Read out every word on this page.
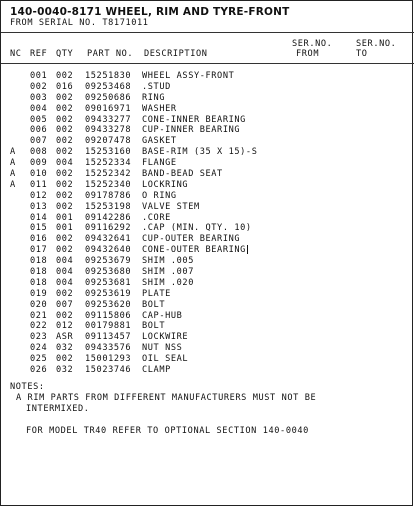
140-0040-8171 WHEEL, RIM AND TYRE-FRONT
FROM SERIAL NO. T8171011
SER.NO.	SER.NO.
NC REF QTY PART NO. DESCRIPTION	FROM	TO
001 002 15251830 WHEEL ASSY-FRONT
002 016 09253468 .STUD
003 002 09250686 RING
004 002 09016971 WASHER
005 002 09433277 CONE-INNER BEARING
006 002 09433278 CUP-INNER BEARING
007 002 09207478 GASKET
A 008 002 15253160 BASE-RIM (35 X 15)-S
A 009 004 15252334 FLANGE
A 010 002 15252342 BAND-BEAD SEAT
A 011 002 15252340 LOCKRING
012 002 09178786 O RING
013 002 15253198 VALVE STEM
014 001 09142286 .CORE
015 001 09116292 .CAP (MIN. QTY. 10)
016 002 09432641 CUP-OUTER BEARING
017 002 09432640 CONE-OUTER BEARING
018 004 09253679 SHIM .005
018 004 09253680 SHIM .007
018 004 09253681 SHIM .020
019 002 09253619 PLATE
020 007 09253620 BOLT
021 002 09115806 CAP-HUB
022 012 00179881 BOLT
023 ASR 09113457 LOCKWIRE
024 032 09433576 NUT NSS
025 002 15001293 OIL SEAL
026 032 15023746 CLAMP
NOTES:
A RIM PARTS FROM DIFFERENT MANUFACTURERS MUST NOT BE
INTERMIXED.
FOR MODEL TR40 REFER TO OPTIONAL SECTION 140-0040
